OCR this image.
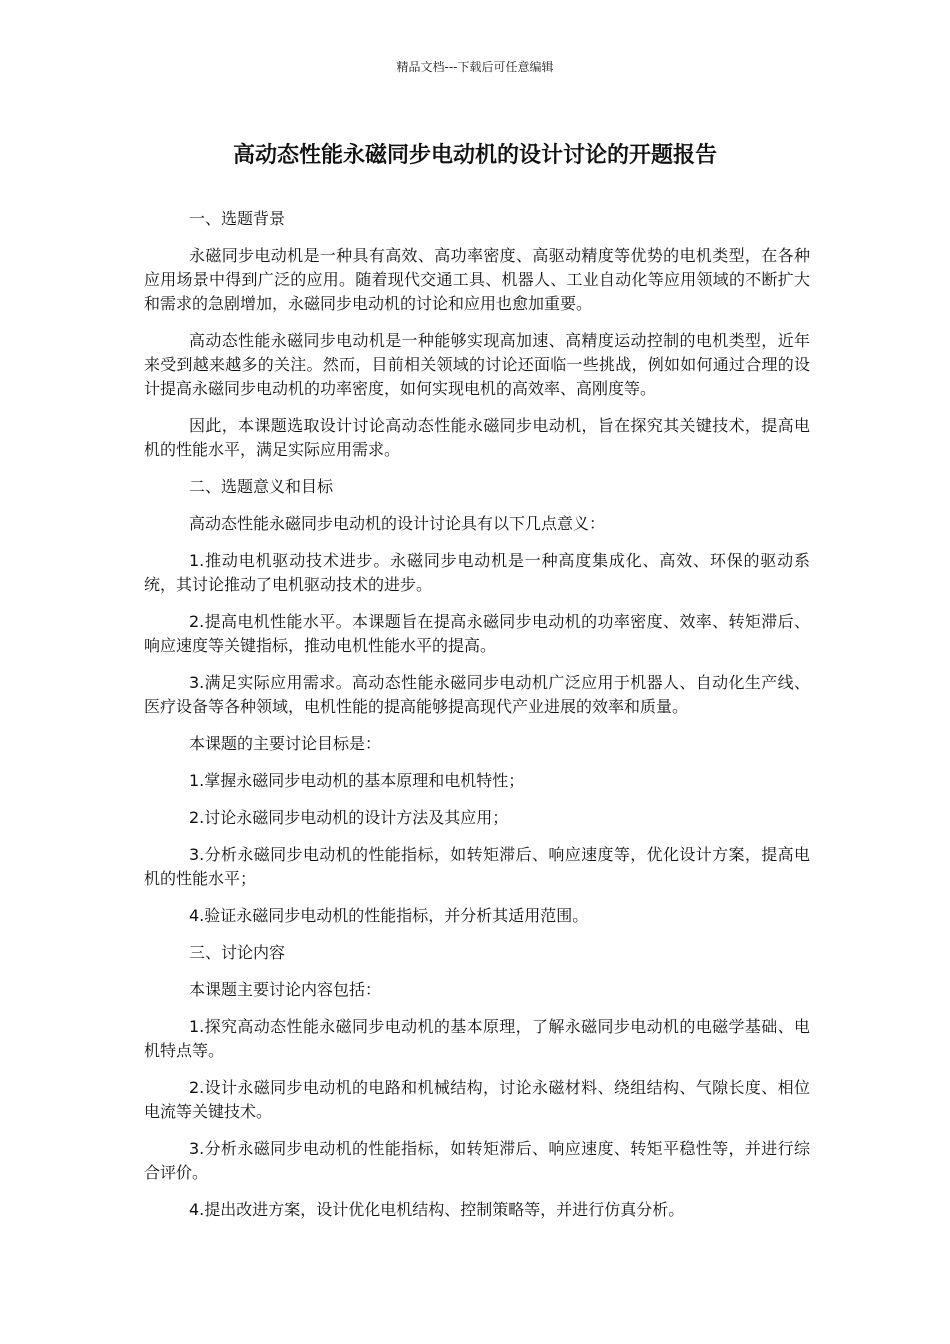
精品文档---下载后可任意编辑
高动态性能永磁同步电动机的设计讨论的开题报告

一、选题背景

永磁同步电动机是一种具有高效、高功率密度、高驱动精度等优势的电机类型，在各种应用场景中得到广泛的应用。随着现代交通工具、机器人、工业自动化等应用领域的不断扩大和需求的急剧增加，永磁同步电动机的讨论和应用也愈加重要。

高动态性能永磁同步电动机是一种能够实现高加速、高精度运动控制的电机类型，近年来受到越来越多的关注。然而，目前相关领域的讨论还面临一些挑战，例如如何通过合理的设计提高永磁同步电动机的功率密度，如何实现电机的高效率、高刚度等。

因此，本课题选取设计讨论高动态性能永磁同步电动机，旨在探究其关键技术，提高电机的性能水平，满足实际应用需求。

二、选题意义和目标

高动态性能永磁同步电动机的设计讨论具有以下几点意义：

1.推动电机驱动技术进步。永磁同步电动机是一种高度集成化、高效、环保的驱动系统，其讨论推动了电机驱动技术的进步。

2.提高电机性能水平。本课题旨在提高永磁同步电动机的功率密度、效率、转矩滞后、响应速度等关键指标，推动电机性能水平的提高。

3.满足实际应用需求。高动态性能永磁同步电动机广泛应用于机器人、自动化生产线、医疗设备等各种领域，电机性能的提高能够提高现代产业进展的效率和质量。

本课题的主要讨论目标是：

1.掌握永磁同步电动机的基本原理和电机特性；

2.讨论永磁同步电动机的设计方法及其应用；

3.分析永磁同步电动机的性能指标，如转矩滞后、响应速度等，优化设计方案，提高电机的性能水平；

4.验证永磁同步电动机的性能指标，并分析其适用范围。

三、讨论内容

本课题主要讨论内容包括：

1.探究高动态性能永磁同步电动机的基本原理，了解永磁同步电动机的电磁学基础、电机特点等。

2.设计永磁同步电动机的电路和机械结构，讨论永磁材料、绕组结构、气隙长度、相位电流等关键技术。

3.分析永磁同步电动机的性能指标，如转矩滞后、响应速度、转矩平稳性等，并进行综合评价。

4.提出改进方案，设计优化电机结构、控制策略等，并进行仿真分析。
